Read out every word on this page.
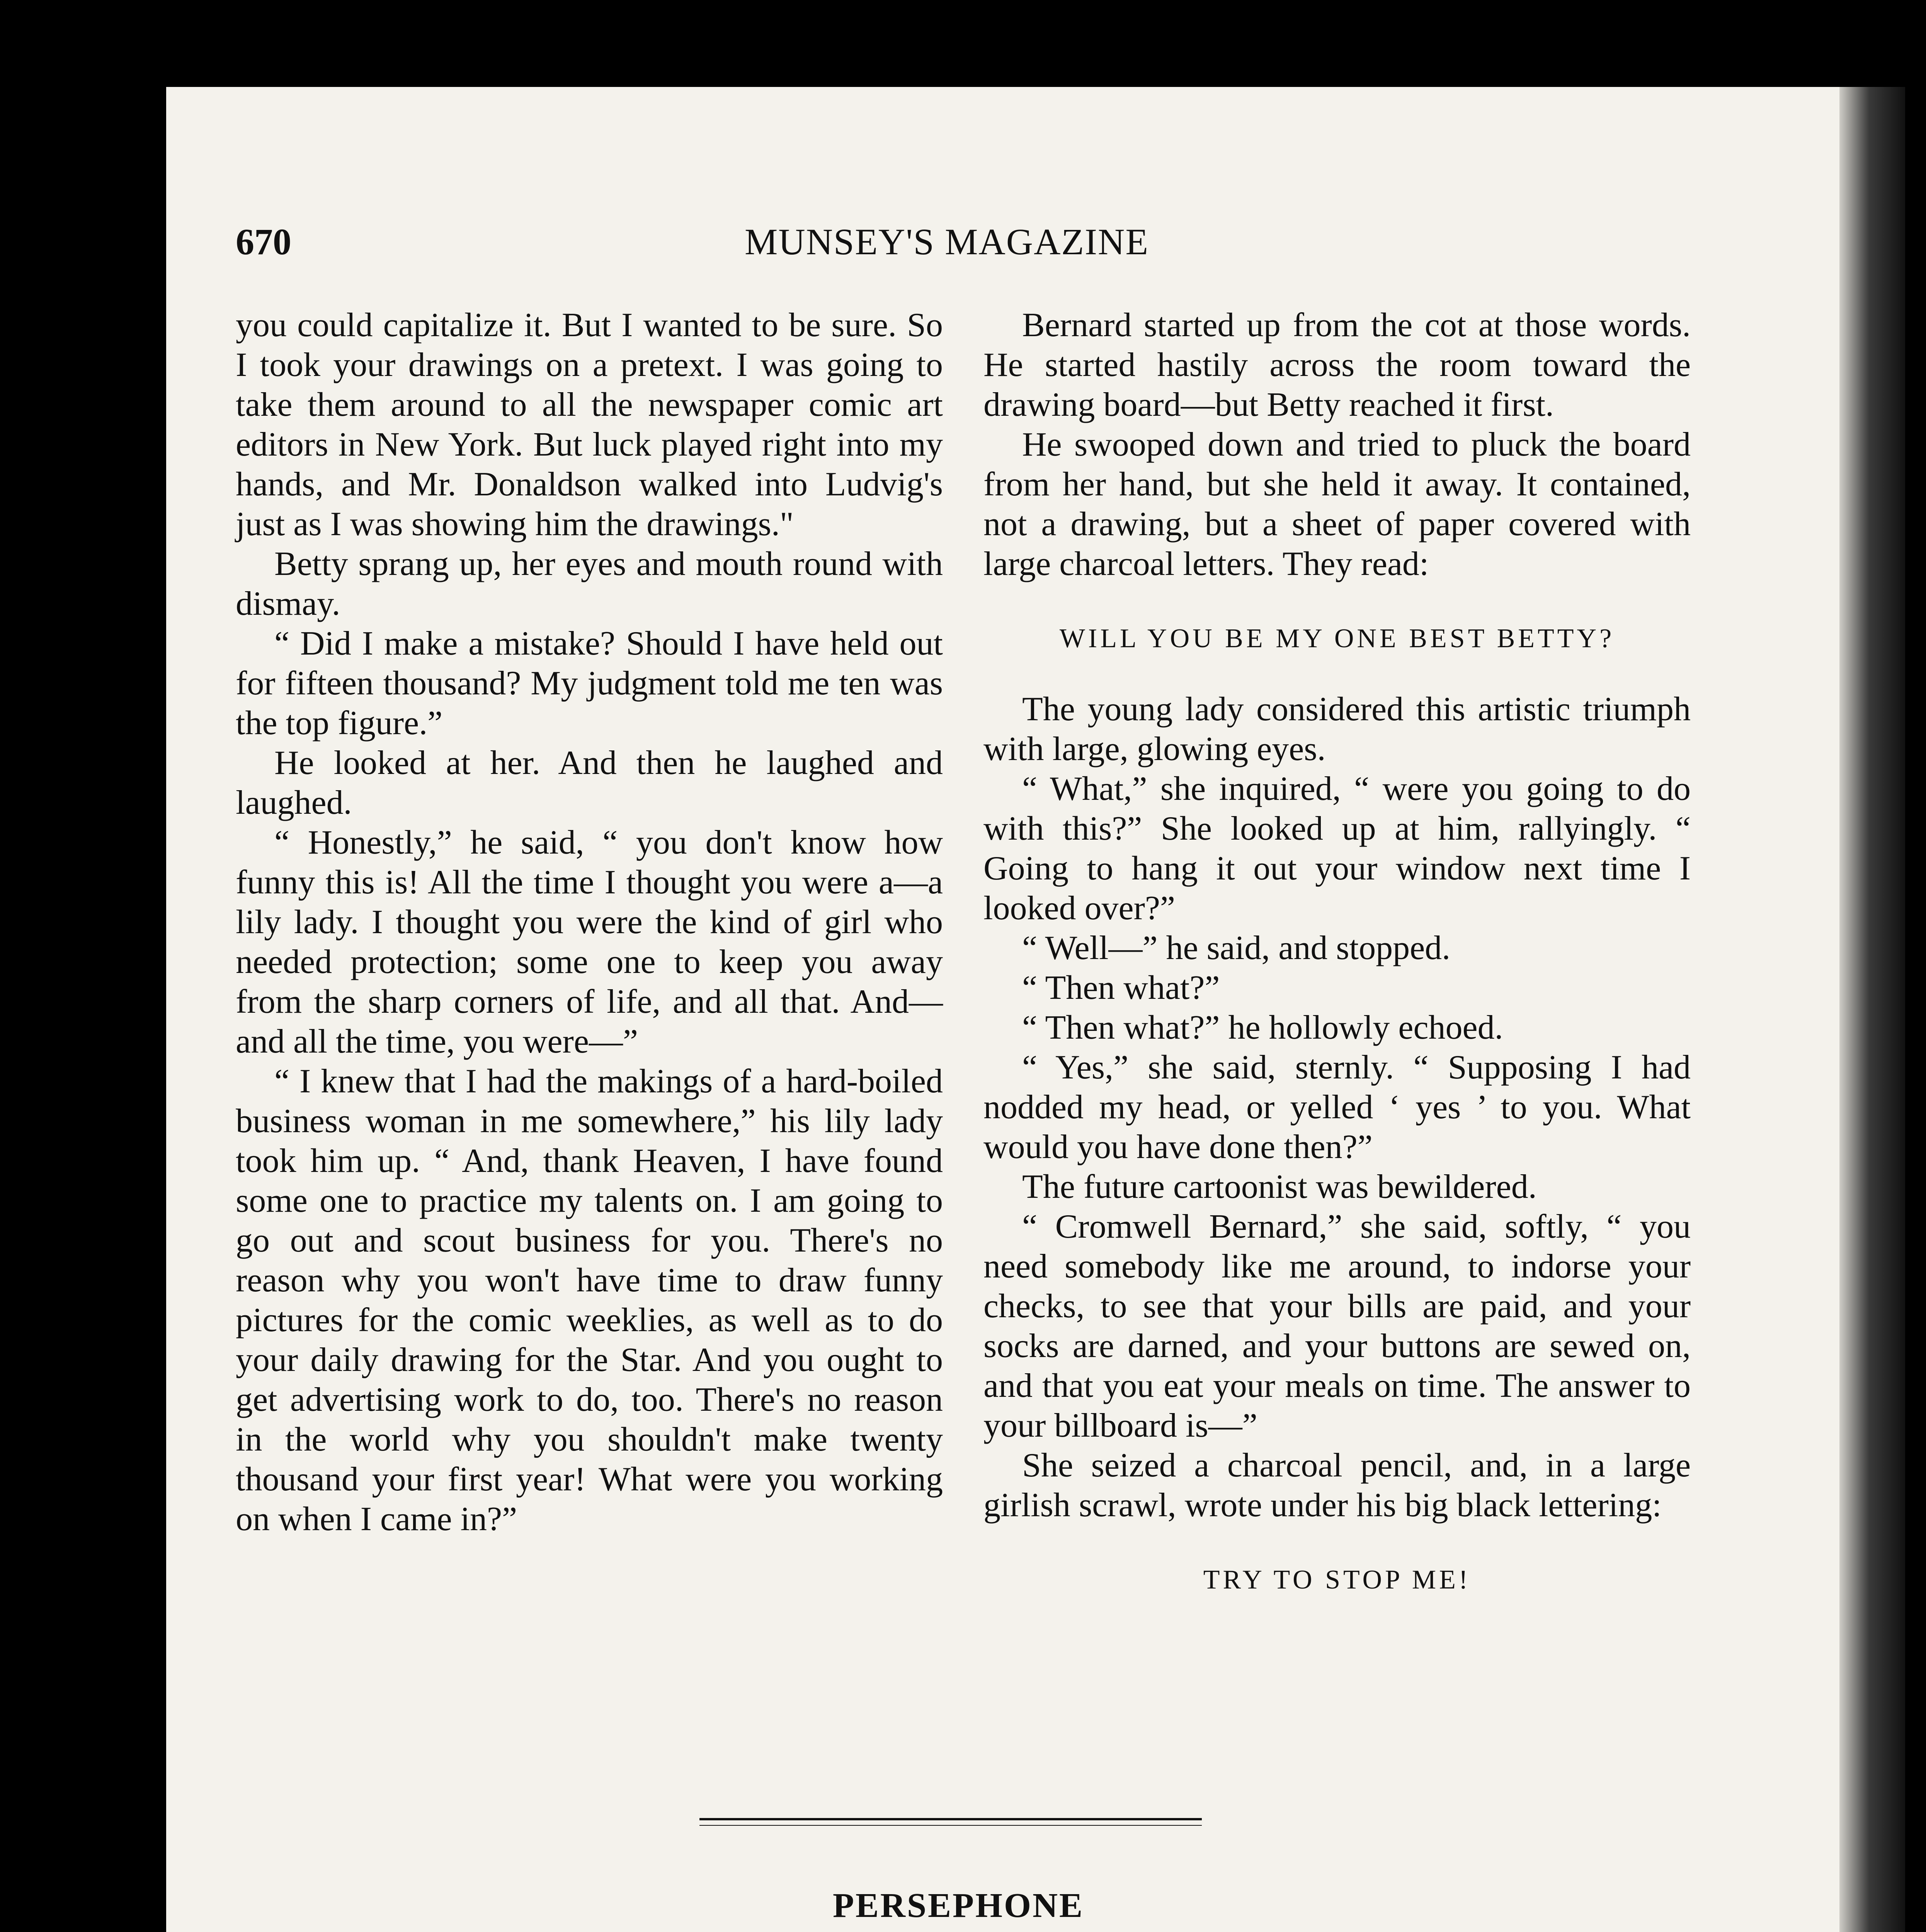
670	MUNSEY'S MAGAZINE

you could capitalize it. But I wanted to be sure. So I took your drawings on a pretext. I was going to take them around to all the newspaper comic art editors in New York. But luck played right into my hands, and Mr. Donaldson walked into Ludvig's just as I was showing him the drawings."

Betty sprang up, her eyes and mouth round with dismay.

“ Did I make a mistake? Should I have held out for fifteen thousand? My judgment told me ten was the top figure.”

He looked at her. And then he laughed and laughed.

“ Honestly,” he said, “ you don't know how funny this is! All the time I thought you were a—a lily lady. I thought you were the kind of girl who needed protection; some one to keep you away from the sharp corners of life, and all that. And—and all the time, you were—”

“ I knew that I had the makings of a hard-boiled business woman in me somewhere,” his lily lady took him up. “ And, thank Heaven, I have found some one to practice my talents on. I am going to go out and scout business for you. There's no reason why you won't have time to draw funny pictures for the comic weeklies, as well as to do your daily drawing for the Star. And you ought to get advertising work to do, too. There's no reason in the world why you shouldn't make twenty thousand your first year! What were you working on when I came in?”

Bernard started up from the cot at those words. He started hastily across the room toward the drawing board—but Betty reached it first.

He swooped down and tried to pluck the board from her hand, but she held it away. It contained, not a drawing, but a sheet of paper covered with large charcoal letters. They read:

WILL YOU BE MY ONE BEST BETTY?

The young lady considered this artistic triumph with large, glowing eyes.

“ What,” she inquired, “ were you going to do with this?” She looked up at him, rallyingly. “ Going to hang it out your window next time I looked over?”

“ Well—” he said, and stopped.

“ Then what?”

“ Then what?” he hollowly echoed.

“ Yes,” she said, sternly. “ Supposing I had nodded my head, or yelled ‘ yes ’ to you. What would you have done then?”

The future cartoonist was bewildered.

“ Cromwell Bernard,” she said, softly, “ you need somebody like me around, to indorse your checks, to see that your bills are paid, and your socks are darned, and your buttons are sewed on, and that you eat your meals on time. The answer to your billboard is—”

She seized a charcoal pencil, and, in a large girlish scrawl, wrote under his big black lettering:

TRY TO STOP ME!

PERSEPHONE
